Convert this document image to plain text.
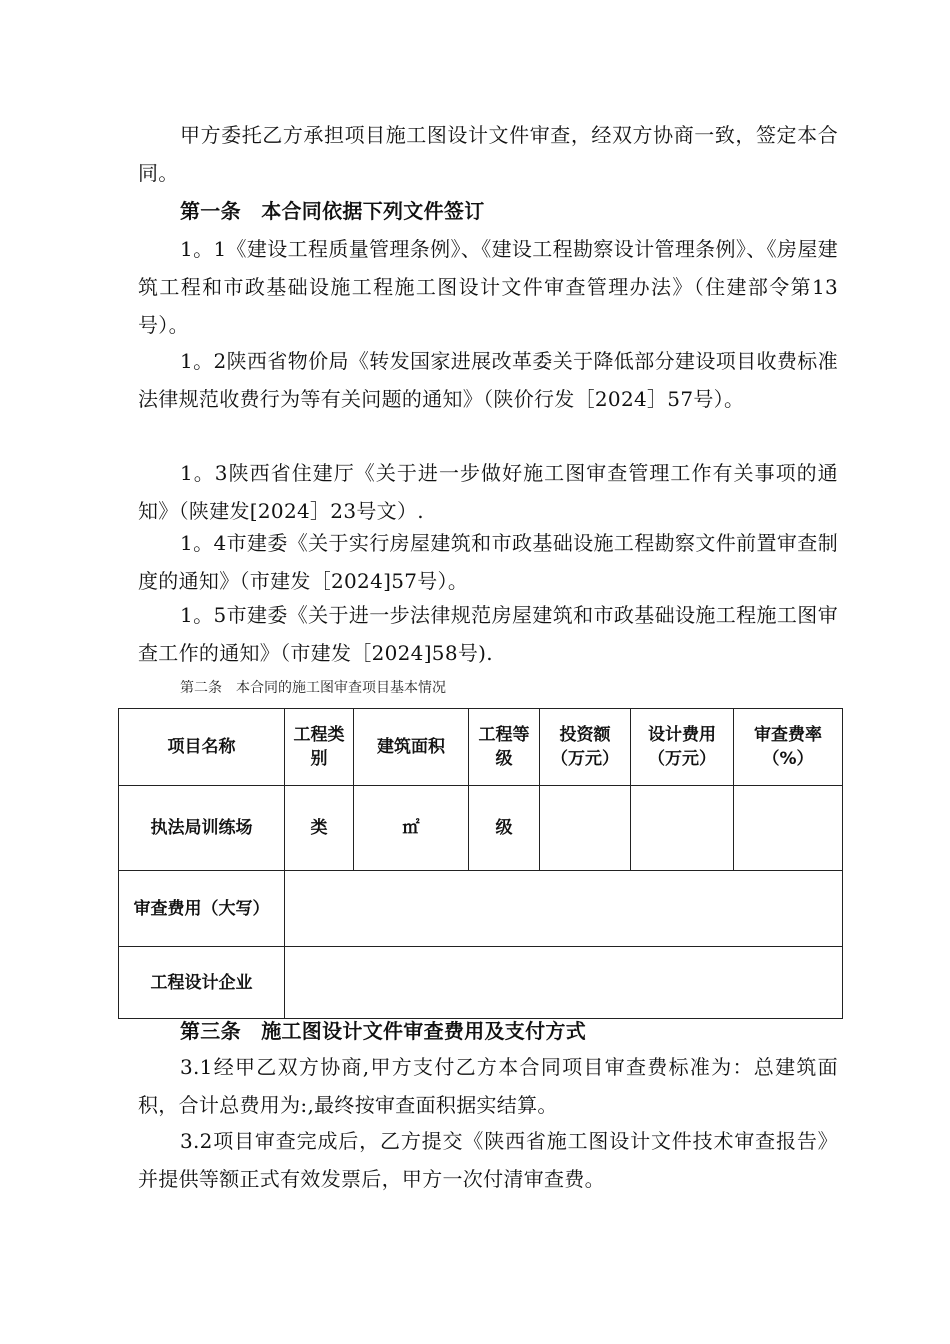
甲方委托乙方承担项目施工图设计文件审查，经双方协商一致，签定本合同。

第一条　本合同依据下列文件签订

1。1《建设工程质量管理条例》、《建设工程勘察设计管理条例》、《房屋建筑工程和市政基础设施工程施工图设计文件审查管理办法》（住建部令第13号）。

1。2陕西省物价局《转发国家进展改革委关于降低部分建设项目收费标准法律规范收费行为等有关问题的通知》（陕价行发［2024］57号）。

1。3陕西省住建厅《关于进一步做好施工图审查管理工作有关事项的通知》（陕建发[2024］23号文）.

1。4市建委《关于实行房屋建筑和市政基础设施工程勘察文件前置审查制度的通知》（市建发［2024]57号）。

1。5市建委《关于进一步法律规范房屋建筑和市政基础设施工程施工图审查工作的通知》（市建发［2024]58号).

第二条　本合同的施工图审查项目基本情况

项目名称	工程类别	建筑面积	工程等级	投资额（万元）	设计费用（万元）	审查费率（%）
执法局训练场	类	㎡	级			
审查费用（大写）						
工程设计企业						

第三条　施工图设计文件审查费用及支付方式

3.1经甲乙双方协商,甲方支付乙方本合同项目审查费标准为：总建筑面积，合计总费用为:,最终按审查面积据实结算。

3.2项目审查完成后，乙方提交《陕西省施工图设计文件技术审查报告》并提供等额正式有效发票后，甲方一次付清审查费。
